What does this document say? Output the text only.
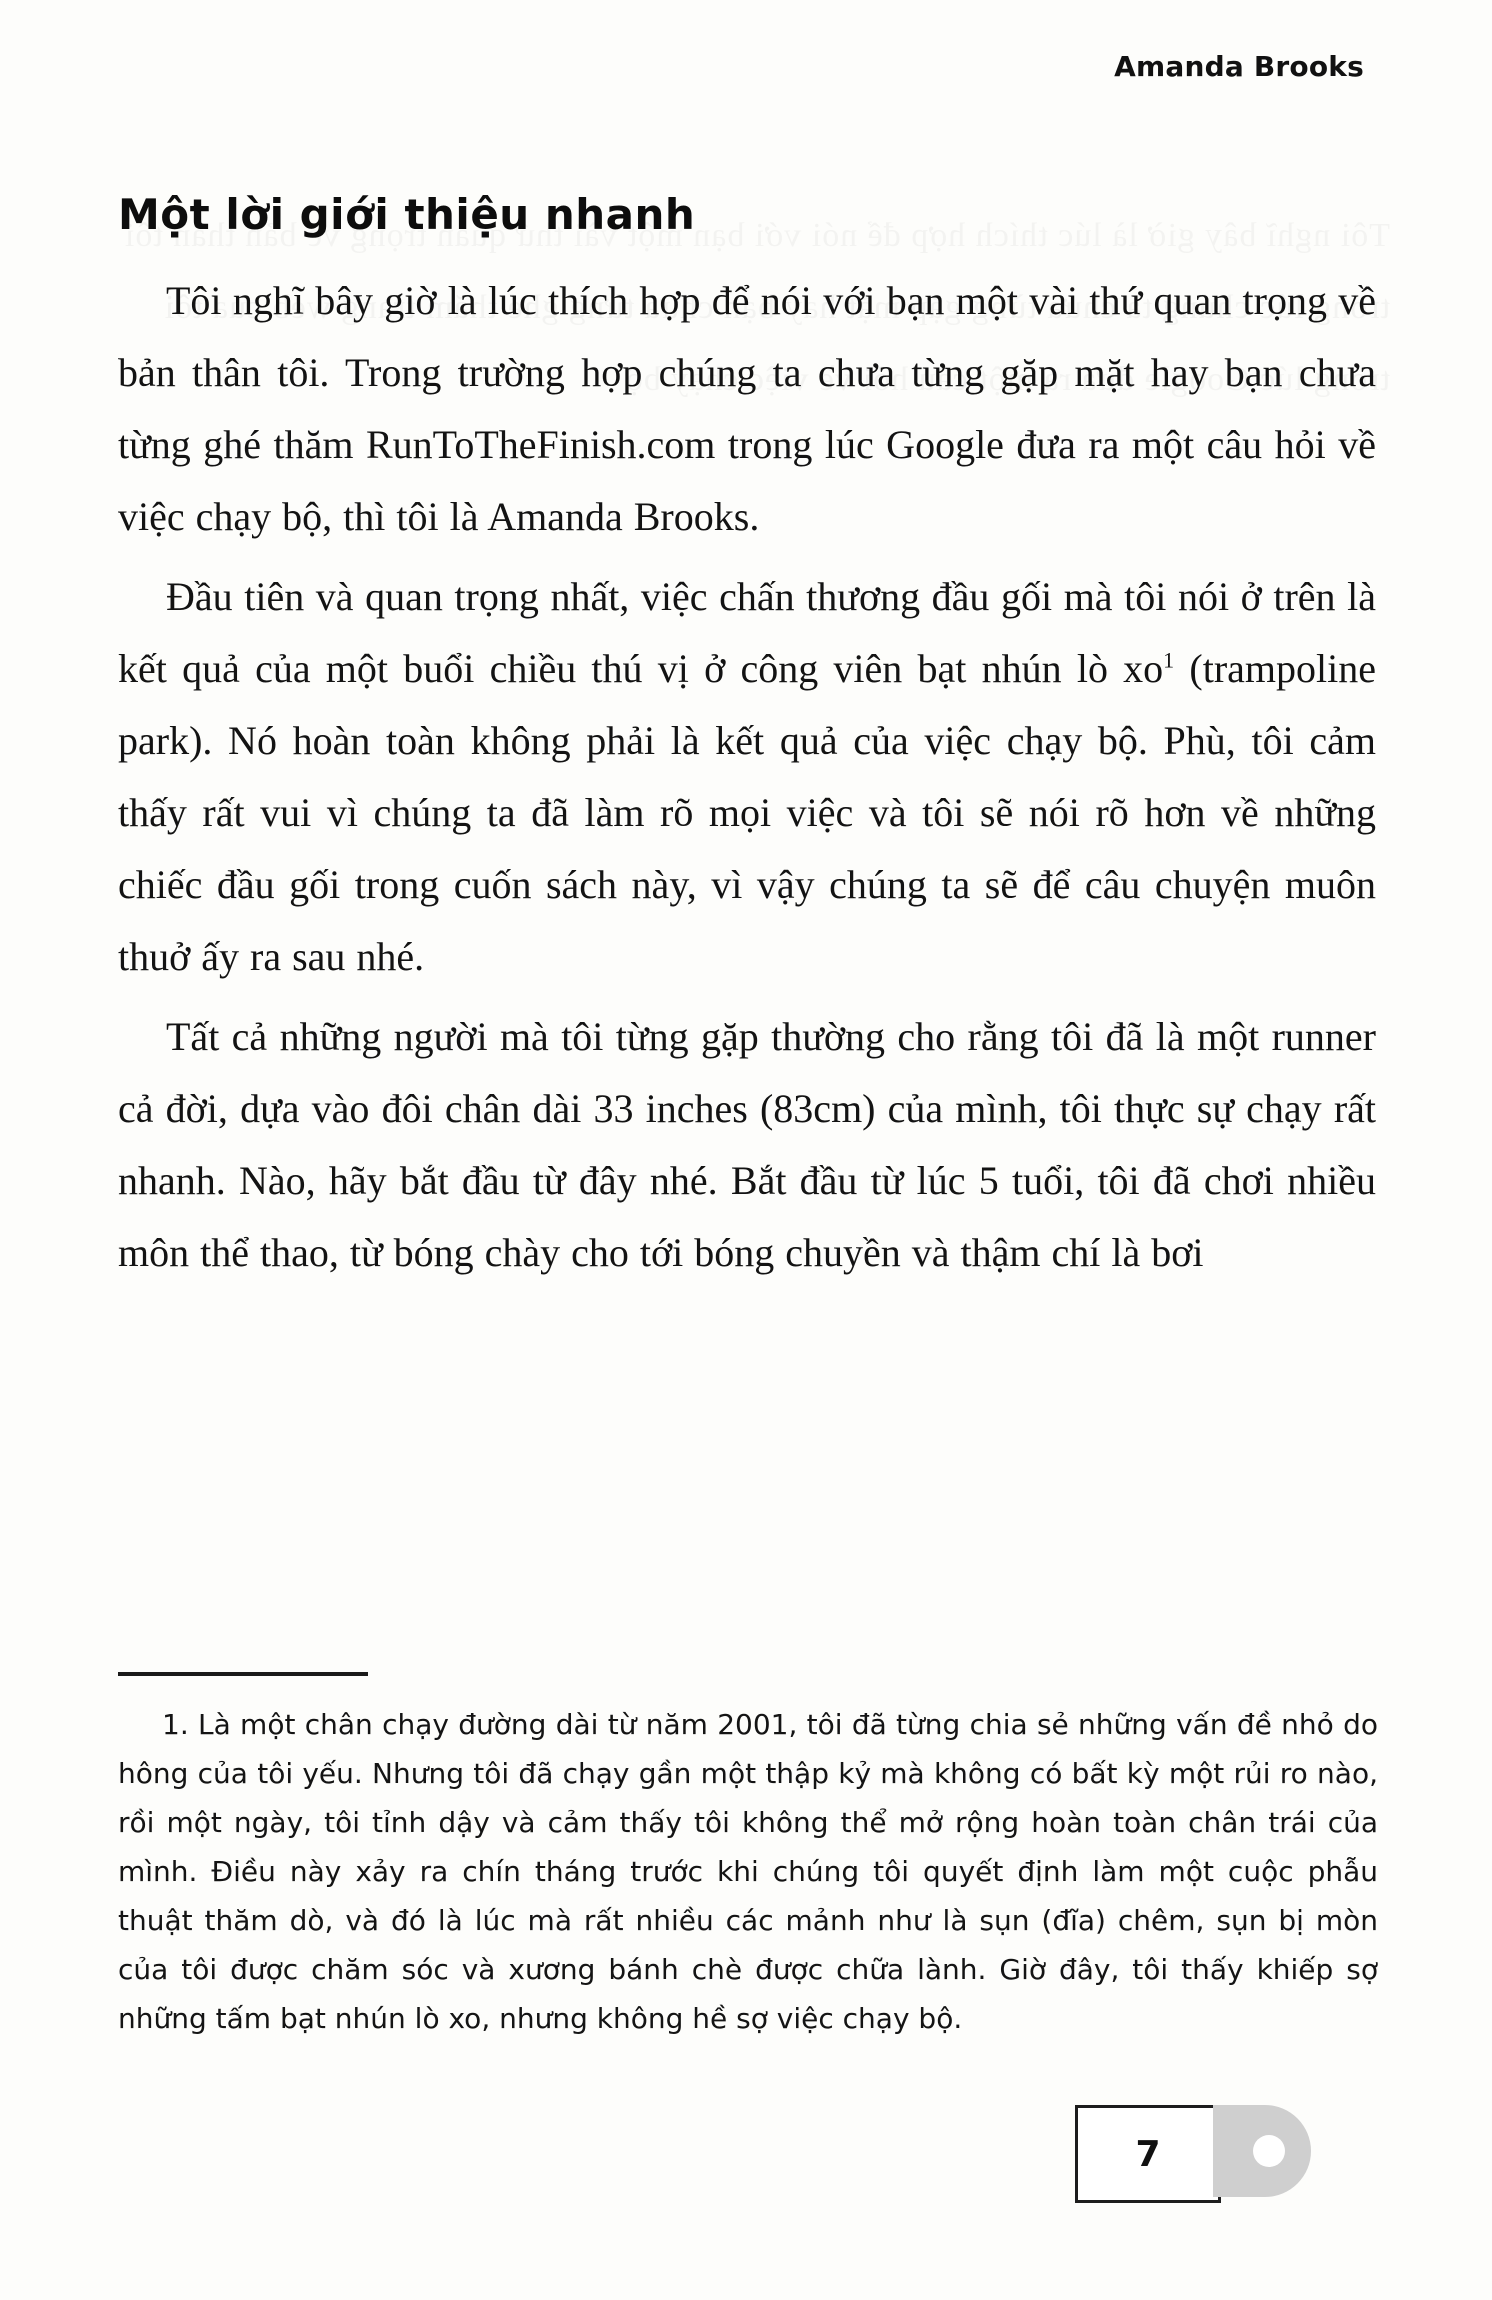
Amanda Brooks
Một lời giới thiệu nhanh

Tôi nghĩ bây giờ là lúc thích hợp để nói với bạn một vài thứ quan trọng về bản thân tôi. Trong trường hợp chúng ta chưa từng gặp mặt hay bạn chưa từng ghé thăm RunToTheFinish.com trong lúc Google đưa ra một câu hỏi về việc chạy bộ, thì tôi là Amanda Brooks.

Đầu tiên và quan trọng nhất, việc chấn thương đầu gối mà tôi nói ở trên là kết quả của một buổi chiều thú vị ở công viên bạt nhún lò xo$^1$ (trampoline park). Nó hoàn toàn không phải là kết quả của việc chạy bộ. Phù, tôi cảm thấy rất vui vì chúng ta đã làm rõ mọi việc và tôi sẽ nói rõ hơn về những chiếc đầu gối trong cuốn sách này, vì vậy chúng ta sẽ để câu chuyện muôn thuở ấy ra sau nhé.

Tất cả những người mà tôi từng gặp thường cho rằng tôi đã là một runner cả đời, dựa vào đôi chân dài 33 inches (83cm) của mình, tôi thực sự chạy rất nhanh. Nào, hãy bắt đầu từ đây nhé. Bắt đầu từ lúc 5 tuổi, tôi đã chơi nhiều môn thể thao, từ bóng chày cho tới bóng chuyền và thậm chí là bơi

1. Là một chân chạy đường dài từ năm 2001, tôi đã từng chia sẻ những vấn đề nhỏ do hông của tôi yếu. Nhưng tôi đã chạy gần một thập kỷ mà không có bất kỳ một rủi ro nào, rồi một ngày, tôi tỉnh dậy và cảm thấy tôi không thể mở rộng hoàn toàn chân trái của mình. Điều này xảy ra chín tháng trước khi chúng tôi quyết định làm một cuộc phẫu thuật thăm dò, và đó là lúc mà rất nhiều các mảnh như là sụn (đĩa) chêm, sụn bị mòn của tôi được chăm sóc và xương bánh chè được chữa lành. Giờ đây, tôi thấy khiếp sợ những tấm bạt nhún lò xo, nhưng không hề sợ việc chạy bộ.
7
